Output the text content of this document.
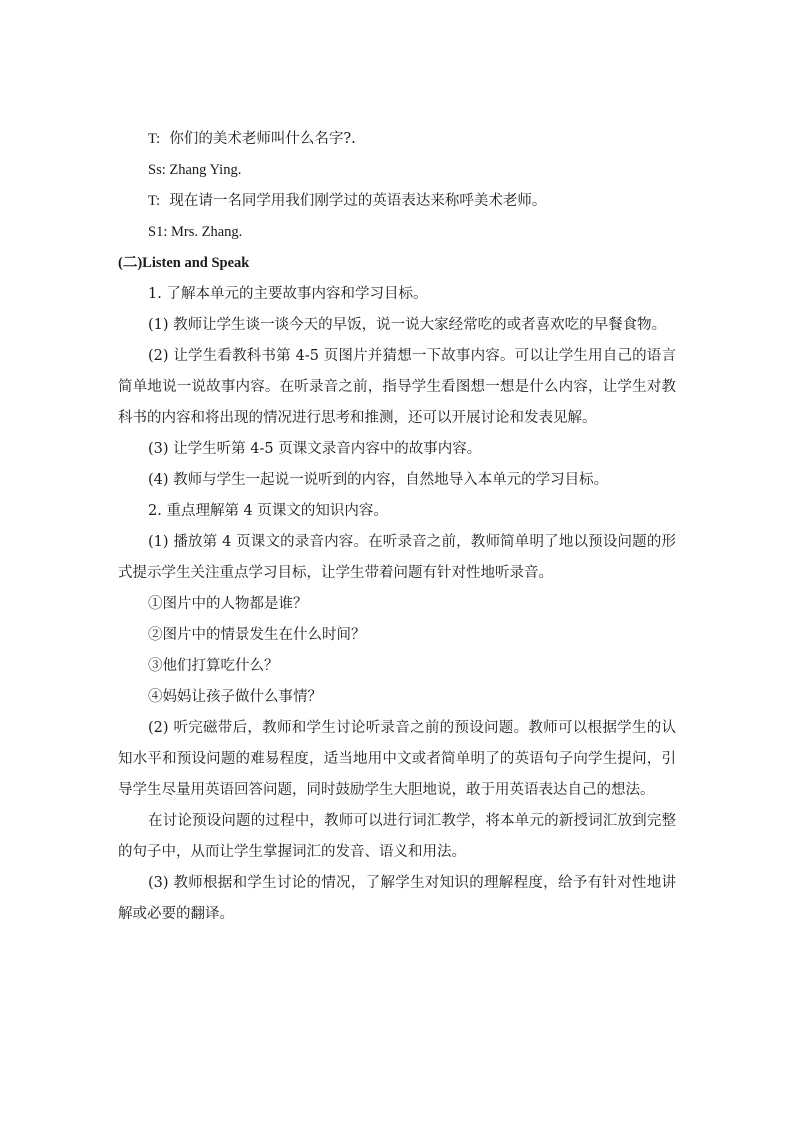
T: 你们的美术老师叫什么名字?.

Ss: Zhang Ying.

T: 现在请一名同学用我们刚学过的英语表达来称呼美术老师。

S1: Mrs. Zhang.

(二)Listen and Speak

1. 了解本单元的主要故事内容和学习目标。

(1) 教师让学生谈一谈今天的早饭，说一说大家经常吃的或者喜欢吃的早餐食物。

(2) 让学生看教科书第 4-5 页图片并猜想一下故事内容。可以让学生用自己的语言简单地说一说故事内容。在听录音之前，指导学生看图想一想是什么内容，让学生对教科书的内容和将出现的情况进行思考和推测，还可以开展讨论和发表见解。

(3) 让学生听第 4-5 页课文录音内容中的故事内容。

(4) 教师与学生一起说一说听到的内容，自然地导入本单元的学习目标。

2. 重点理解第 4 页课文的知识内容。

(1) 播放第 4 页课文的录音内容。在听录音之前，教师简单明了地以预设问题的形式提示学生关注重点学习目标，让学生带着问题有针对性地听录音。

①图片中的人物都是谁？

②图片中的情景发生在什么时间？

③他们打算吃什么？

④妈妈让孩子做什么事情？

(2) 听完磁带后，教师和学生讨论听录音之前的预设问题。教师可以根据学生的认知水平和预设问题的难易程度，适当地用中文或者简单明了的英语句子向学生提问，引导学生尽量用英语回答问题，同时鼓励学生大胆地说，敢于用英语表达自己的想法。

在讨论预设问题的过程中，教师可以进行词汇教学，将本单元的新授词汇放到完整的句子中，从而让学生掌握词汇的发音、语义和用法。

(3) 教师根据和学生讨论的情况，了解学生对知识的理解程度，给予有针对性地讲解或必要的翻译。
